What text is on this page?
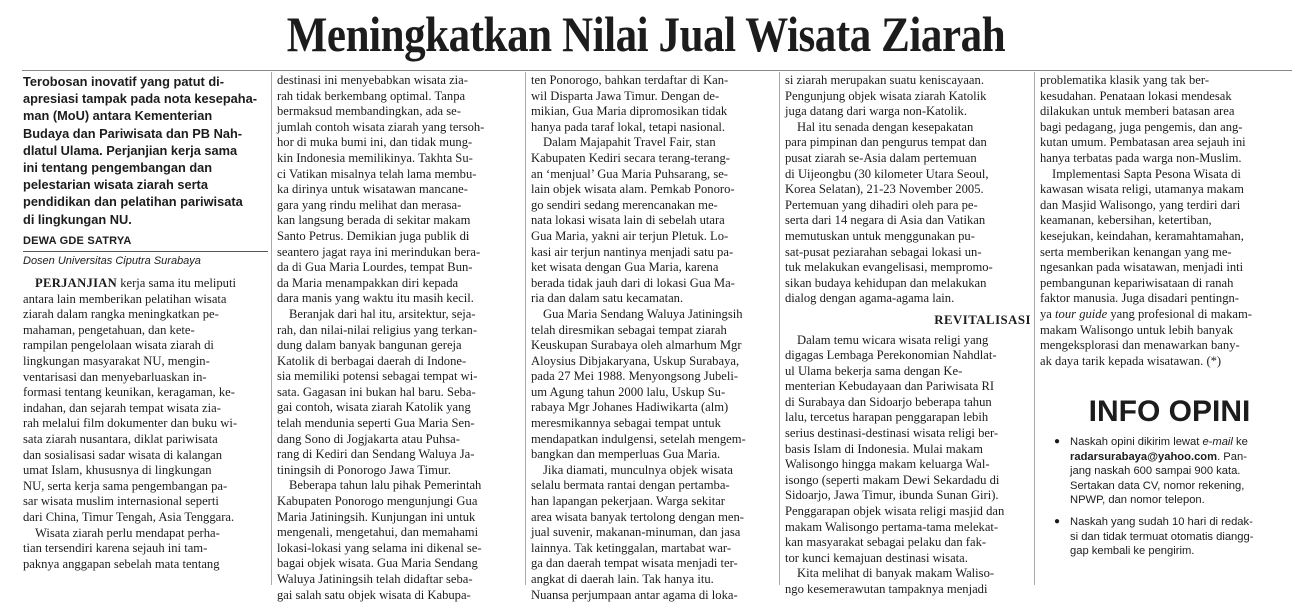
Meningkatkan Nilai Jual Wisata Ziarah

Terobosan inovatif yang patut di-

apresiasi tampak pada nota kesepaha-

man (MoU) antara Kementerian

Budaya dan Pariwisata dan PB Nah-

dlatul Ulama. Perjanjian kerja sama

ini tentang pengembangan dan

pelestarian wisata ziarah serta

pendidikan dan pelatihan pariwisata

di lingkungan NU.

DEWA GDE SATRYA
Dosen Universitas Ciputra Surabaya

PERJANJIAN kerja sama itu meliputi

antara lain memberikan pelatihan wisata

ziarah dalam rangka meningkatkan pe-

mahaman, pengetahuan, dan kete-

rampilan pengelolaan wisata ziarah di

lingkungan masyarakat NU, mengin-

ventarisasi dan menyebarluaskan in-

formasi tentang keunikan, keragaman, ke-

indahan, dan sejarah tempat wisata zia-

rah melalui film dokumenter dan buku wi-

sata ziarah nusantara, diklat pariwisata

dan sosialisasi sadar wisata di kalangan

umat Islam, khususnya di lingkungan

NU, serta kerja sama pengembangan pa-

sar wisata muslim internasional seperti

dari China, Timur Tengah, Asia Tenggara.

Wisata ziarah perlu mendapat perha-

tian tersendiri karena sejauh ini tam-

paknya anggapan sebelah mata tentang

destinasi ini menyebabkan wisata zia-

rah tidak berkembang optimal. Tanpa

bermaksud membandingkan, ada se-

jumlah contoh wisata ziarah yang tersoh-

hor di muka bumi ini, dan tidak mung-

kin Indonesia memilikinya. Takhta Su-

ci Vatikan misalnya telah lama membu-

ka dirinya untuk wisatawan mancane-

gara yang rindu melihat dan merasa-

kan langsung berada di sekitar makam

Santo Petrus. Demikian juga publik di

seantero jagat raya ini merindukan bera-

da di Gua Maria Lourdes, tempat Bun-

da Maria menampakkan diri kepada

dara manis yang waktu itu masih kecil.

Beranjak dari hal itu, arsitektur, seja-

rah, dan nilai-nilai religius yang terkan-

dung dalam banyak bangunan gereja

Katolik di berbagai daerah di Indone-

sia memiliki potensi sebagai tempat wi-

sata. Gagasan ini bukan hal baru. Seba-

gai contoh, wisata ziarah Katolik yang

telah mendunia seperti Gua Maria Sen-

dang Sono di Jogjakarta atau Puhsa-

rang di Kediri dan Sendang Waluya Ja-

tiningsih di Ponorogo Jawa Timur.

Beberapa tahun lalu pihak Pemerintah

Kabupaten Ponorogo mengunjungi Gua

Maria Jatiningsih. Kunjungan ini untuk

mengenali, mengetahui, dan memahami

lokasi-lokasi yang selama ini dikenal se-

bagai objek wisata. Gua Maria Sendang

Waluya Jatiningsih telah didaftar seba-

gai salah satu objek wisata di Kabupa-

ten Ponorogo, bahkan terdaftar di Kan-

wil Disparta Jawa Timur. Dengan de-

mikian, Gua Maria dipromosikan tidak

hanya pada taraf lokal, tetapi nasional.

Dalam Majapahit Travel Fair, stan

Kabupaten Kediri secara terang-terang-

an ‘menjual’ Gua Maria Puhsarang, se-

lain objek wisata alam. Pemkab Ponoro-

go sendiri sedang merencanakan me-

nata lokasi wisata lain di sebelah utara

Gua Maria, yakni air terjun Pletuk. Lo-

kasi air terjun nantinya menjadi satu pa-

ket wisata dengan Gua Maria, karena

berada tidak jauh dari di lokasi Gua Ma-

ria dan dalam satu kecamatan.

Gua Maria Sendang Waluya Jatiningsih

telah diresmikan sebagai tempat ziarah

Keuskupan Surabaya oleh almarhum Mgr

Aloysius Dibjakaryana, Uskup Surabaya,

pada 27 Mei 1988. Menyongsong Jubeli-

um Agung tahun 2000 lalu, Uskup Su-

rabaya Mgr Johanes Hadiwikarta (alm)

meresmikannya sebagai tempat untuk

mendapatkan indulgensi, setelah mengem-

bangkan dan memperluas Gua Maria.

Jika diamati, munculnya objek wisata

selalu bermata rantai dengan pertamba-

han lapangan pekerjaan. Warga sekitar

area wisata banyak tertolong dengan men-

jual suvenir, makanan-minuman, dan jasa

lainnya. Tak ketinggalan, martabat war-

ga dan daerah tempat wisata menjadi ter-

angkat di daerah lain. Tak hanya itu.

Nuansa perjumpaan antar agama di loka-

si ziarah merupakan suatu keniscayaan.

Pengunjung objek wisata ziarah Katolik

juga datang dari warga non-Katolik.

Hal itu senada dengan kesepakatan

para pimpinan dan pengurus tempat dan

pusat ziarah se-Asia dalam pertemuan

di Uijeongbu (30 kilometer Utara Seoul,

Korea Selatan), 21-23 November 2005.

Pertemuan yang dihadiri oleh para pe-

serta dari 14 negara di Asia dan Vatikan

memutuskan untuk menggunakan pu-

sat-pusat peziarahan sebagai lokasi un-

tuk melakukan evangelisasi, mempromo-

sikan budaya kehidupan dan melakukan

dialog dengan agama-agama lain.

REVITALISASI

Dalam temu wicara wisata religi yang

digagas Lembaga Perekonomian Nahdlat-

ul Ulama bekerja sama dengan Ke-

menterian Kebudayaan dan Pariwisata RI

di Surabaya dan Sidoarjo beberapa tahun

lalu, tercetus harapan penggarapan lebih

serius destinasi-destinasi wisata religi ber-

basis Islam di Indonesia. Mulai makam

Walisongo hingga makam keluarga Wal-

isongo (seperti makam Dewi Sekardadu di

Sidoarjo, Jawa Timur, ibunda Sunan Giri).

Penggarapan objek wisata religi masjid dan

makam Walisongo pertama-tama melekat-

kan masyarakat sebagai pelaku dan fak-

tor kunci kemajuan destinasi wisata.

Kita melihat di banyak makam Waliso-

ngo kesemerawutan tampaknya menjadi

problematika klasik yang tak ber-

kesudahan. Penataan lokasi mendesak

dilakukan untuk memberi batasan area

bagi pedagang, juga pengemis, dan ang-

kutan umum. Pembatasan area sejauh ini

hanya terbatas pada warga non-Muslim.

Implementasi Sapta Pesona Wisata di

kawasan wisata religi, utamanya makam

dan Masjid Walisongo, yang terdiri dari

keamanan, kebersihan, ketertiban,

kesejukan, keindahan, keramahtamahan,

serta memberikan kenangan yang me-

ngesankan pada wisatawan, menjadi inti

pembangunan kepariwisataan di ranah

faktor manusia. Juga disadari pentingn-

ya tour guide yang profesional di makam-

makam Walisongo untuk lebih banyak

mengeksplorasi dan menawarkan bany-

ak daya tarik kepada wisatawan. (*)

INFO OPINI
● Naskah opini dikirim lewat e-mail ke

radarsurabaya@yahoo.com. Pan-

jang naskah 600 sampai 900 kata.

Sertakan data CV, nomor rekening,

NPWP, dan nomor telepon.

● Naskah yang sudah 10 hari di redak-

si dan tidak termuat otomatis diangg-

gap kembali ke pengirim.
